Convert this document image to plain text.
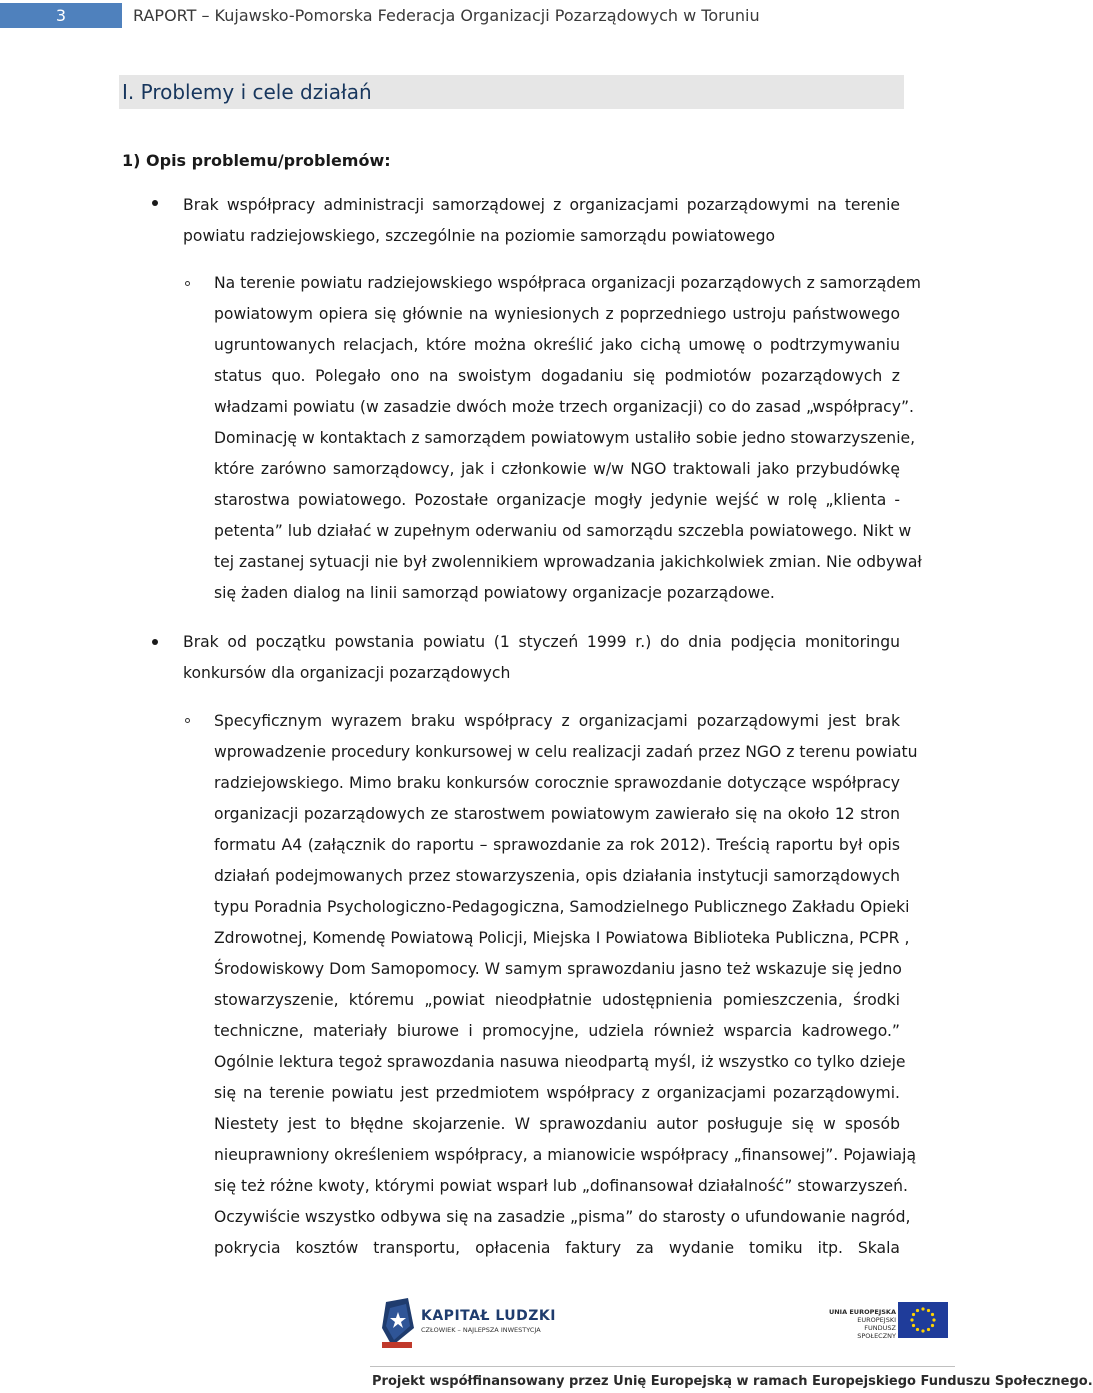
3	RAPORT – Kujawsko-Pomorska Federacja Organizacji Pozarządowych w Toruniu
I. Problemy i cele działań
1) Opis problemu/problemów:

Brak współpracy administracji samorządowej z organizacjami pozarządowymi na terenie

powiatu radziejowskiego, szczególnie na poziomie samorządu powiatowego

Na terenie powiatu radziejowskiego współpraca organizacji pozarządowych z samorządem

powiatowym opiera się głównie na wyniesionych z poprzedniego ustroju państwowego

ugruntowanych relacjach, które można określić jako cichą umowę o podtrzymywaniu

status quo. Polegało ono na swoistym dogadaniu się podmiotów pozarządowych z

władzami powiatu (w zasadzie dwóch może trzech organizacji) co do zasad „współpracy”.

Dominację w kontaktach z samorządem powiatowym ustaliło sobie jedno stowarzyszenie,

które zarówno samorządowcy, jak i członkowie w/w NGO traktowali jako przybudówkę

starostwa powiatowego. Pozostałe organizacje mogły jedynie wejść w rolę „klienta -

petenta” lub działać w zupełnym oderwaniu od samorządu szczebla powiatowego. Nikt w

tej zastanej sytuacji nie był zwolennikiem wprowadzania jakichkolwiek zmian. Nie odbywał

się żaden dialog na linii samorząd powiatowy organizacje pozarządowe.

Brak od początku powstania powiatu (1 styczeń 1999 r.) do dnia podjęcia monitoringu

konkursów dla organizacji pozarządowych

Specyficznym wyrazem braku współpracy z organizacjami pozarządowymi jest brak

wprowadzenie procedury konkursowej w celu realizacji zadań przez NGO z terenu powiatu

radziejowskiego. Mimo braku konkursów corocznie sprawozdanie dotyczące współpracy

organizacji pozarządowych ze starostwem powiatowym zawierało się na około 12 stron

formatu A4 (załącznik do raportu – sprawozdanie za rok 2012). Treścią raportu był opis

działań podejmowanych przez stowarzyszenia, opis działania instytucji samorządowych

typu Poradnia Psychologiczno-Pedagogiczna, Samodzielnego Publicznego Zakładu Opieki

Zdrowotnej, Komendę Powiatową Policji, Miejska I Powiatowa Biblioteka Publiczna, PCPR ,

Środowiskowy Dom Samopomocy. W samym sprawozdaniu jasno też wskazuje się jedno

stowarzyszenie, któremu „powiat nieodpłatnie udostępnienia pomieszczenia, środki

techniczne, materiały biurowe i promocyjne, udziela również wsparcia kadrowego.”

Ogólnie lektura tegoż sprawozdania nasuwa nieodpartą myśl, iż wszystko co tylko dzieje

się na terenie powiatu jest przedmiotem współpracy z organizacjami pozarządowymi.

Niestety jest to błędne skojarzenie. W sprawozdaniu autor posługuje się w sposób

nieuprawniony określeniem współpracy, a mianowicie współpracy „finansowej”. Pojawiają

się też różne kwoty, którymi powiat wsparł lub „dofinansował działalność” stowarzyszeń.

Oczywiście wszystko odbywa się na zasadzie „pisma” do starosty o ufundowanie nagród,

pokrycia kosztów transportu, opłacenia faktury za wydanie tomiku itp. Skala

KAPITAŁ LUDZKI
CZŁOWIEK – NAJLEPSZA INWESTYCJA
UNIA EUROPEJSKA
EUROPEJSKI
FUNDUSZ SPOŁECZNY
Projekt współfinansowany przez Unię Europejską w ramach Europejskiego Funduszu Społecznego.
